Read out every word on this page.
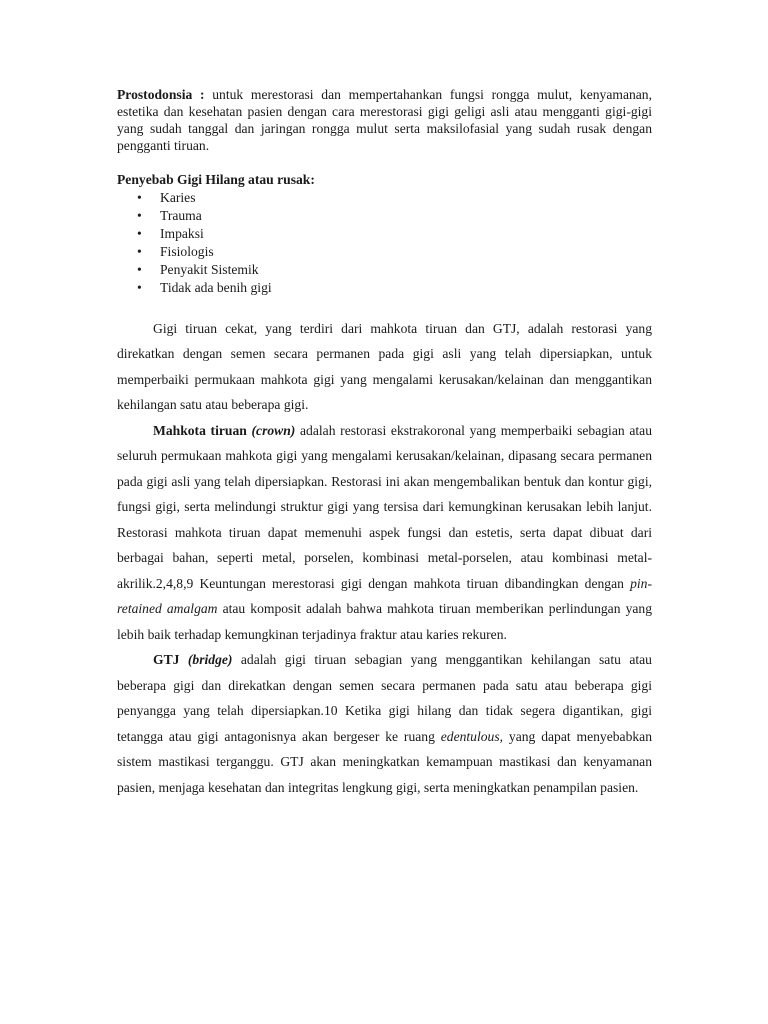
Prostodonsia : untuk merestorasi dan mempertahankan fungsi rongga mulut, kenyamanan, estetika dan kesehatan pasien dengan cara merestorasi gigi geligi asli atau mengganti gigi-gigi yang sudah tanggal dan jaringan rongga mulut serta maksilofasial yang sudah rusak dengan pengganti tiruan.

Penyebab Gigi Hilang atau rusak:
• Karies
• Trauma
• Impaksi
• Fisiologis
• Penyakit Sistemik
• Tidak ada benih gigi

Gigi tiruan cekat, yang terdiri dari mahkota tiruan dan GTJ, adalah restorasi yang direkatkan dengan semen secara permanen pada gigi asli yang telah dipersiapkan, untuk memperbaiki permukaan mahkota gigi yang mengalami kerusakan/kelainan dan menggantikan kehilangan satu atau beberapa gigi.

Mahkota tiruan (crown) adalah restorasi ekstrakoronal yang memperbaiki sebagian atau seluruh permukaan mahkota gigi yang mengalami kerusakan/kelainan, dipasang secara permanen pada gigi asli yang telah dipersiapkan. Restorasi ini akan mengembalikan bentuk dan kontur gigi, fungsi gigi, serta melindungi struktur gigi yang tersisa dari kemungkinan kerusakan lebih lanjut. Restorasi mahkota tiruan dapat memenuhi aspek fungsi dan estetis, serta dapat dibuat dari berbagai bahan, seperti metal, porselen, kombinasi metal-porselen, atau kombinasi metal-akrilik.2,4,8,9 Keuntungan merestorasi gigi dengan mahkota tiruan dibandingkan dengan pin-retained amalgam atau komposit adalah bahwa mahkota tiruan memberikan perlindungan yang lebih baik terhadap kemungkinan terjadinya fraktur atau karies rekuren.

GTJ (bridge) adalah gigi tiruan sebagian yang menggantikan kehilangan satu atau beberapa gigi dan direkatkan dengan semen secara permanen pada satu atau beberapa gigi penyangga yang telah dipersiapkan.10 Ketika gigi hilang dan tidak segera digantikan, gigi tetangga atau gigi antagonisnya akan bergeser ke ruang edentulous, yang dapat menyebabkan sistem mastikasi terganggu. GTJ akan meningkatkan kemampuan mastikasi dan kenyamanan pasien, menjaga kesehatan dan integritas lengkung gigi, serta meningkatkan penampilan pasien.
